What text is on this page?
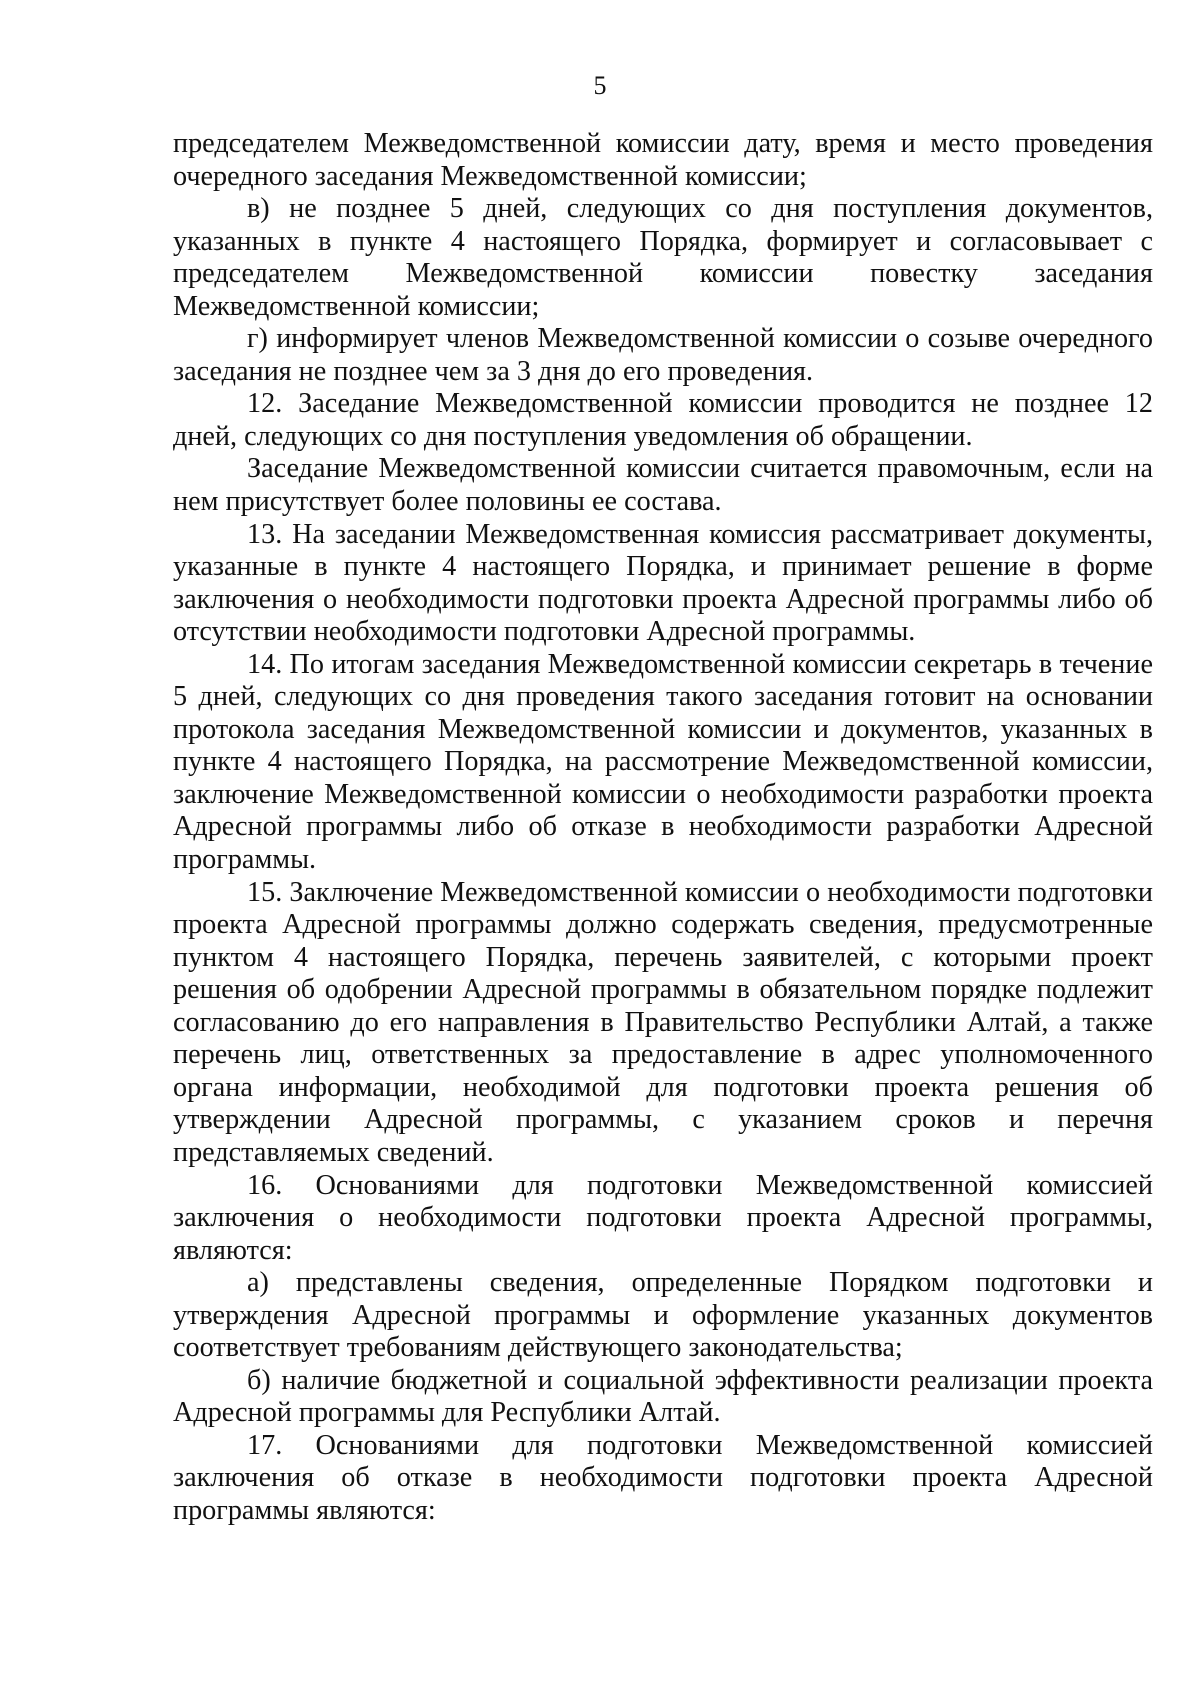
5

председателем Межведомственной комиссии дату, время и место проведения очередного заседания Межведомственной комиссии;

в) не позднее 5 дней, следующих со дня поступления документов, указанных в пункте 4 настоящего Порядка, формирует и согласовывает с председателем Межведомственной комиссии повестку заседания Межведомственной комиссии;

г) информирует членов Межведомственной комиссии о созыве очередного заседания не позднее чем за 3 дня до его проведения.

12. Заседание Межведомственной комиссии проводится не позднее 12 дней, следующих со дня поступления уведомления об обращении.

Заседание Межведомственной комиссии считается правомочным, если на нем присутствует более половины ее состава.

13. На заседании Межведомственная комиссия рассматривает документы, указанные в пункте 4 настоящего Порядка, и принимает решение в форме заключения о необходимости подготовки проекта Адресной программы либо об отсутствии необходимости подготовки Адресной программы.

14. По итогам заседания Межведомственной комиссии секретарь в течение 5 дней, следующих со дня проведения такого заседания готовит на основании протокола заседания Межведомственной комиссии и документов, указанных в пункте 4 настоящего Порядка, на рассмотрение Межведомственной комиссии, заключение Межведомственной комиссии о необходимости разработки проекта Адресной программы либо об отказе в необходимости разработки Адресной программы.

15. Заключение Межведомственной комиссии о необходимости подготовки проекта Адресной программы должно содержать сведения, предусмотренные пунктом 4 настоящего Порядка, перечень заявителей, с которыми проект решения об одобрении Адресной программы в обязательном порядке подлежит согласованию до его направления в Правительство Республики Алтай, а также перечень лиц, ответственных за предоставление в адрес уполномоченного органа информации, необходимой для подготовки проекта решения об утверждении Адресной программы, с указанием сроков и перечня представляемых сведений.

16. Основаниями для подготовки Межведомственной комиссией заключения о необходимости подготовки проекта Адресной программы, являются:

а) представлены сведения, определенные Порядком подготовки и утверждения Адресной программы и оформление указанных документов соответствует требованиям действующего законодательства;

б) наличие бюджетной и социальной эффективности реализации проекта Адресной программы для Республики Алтай.

17. Основаниями для подготовки Межведомственной комиссией заключения об отказе в необходимости подготовки проекта Адресной программы являются:
